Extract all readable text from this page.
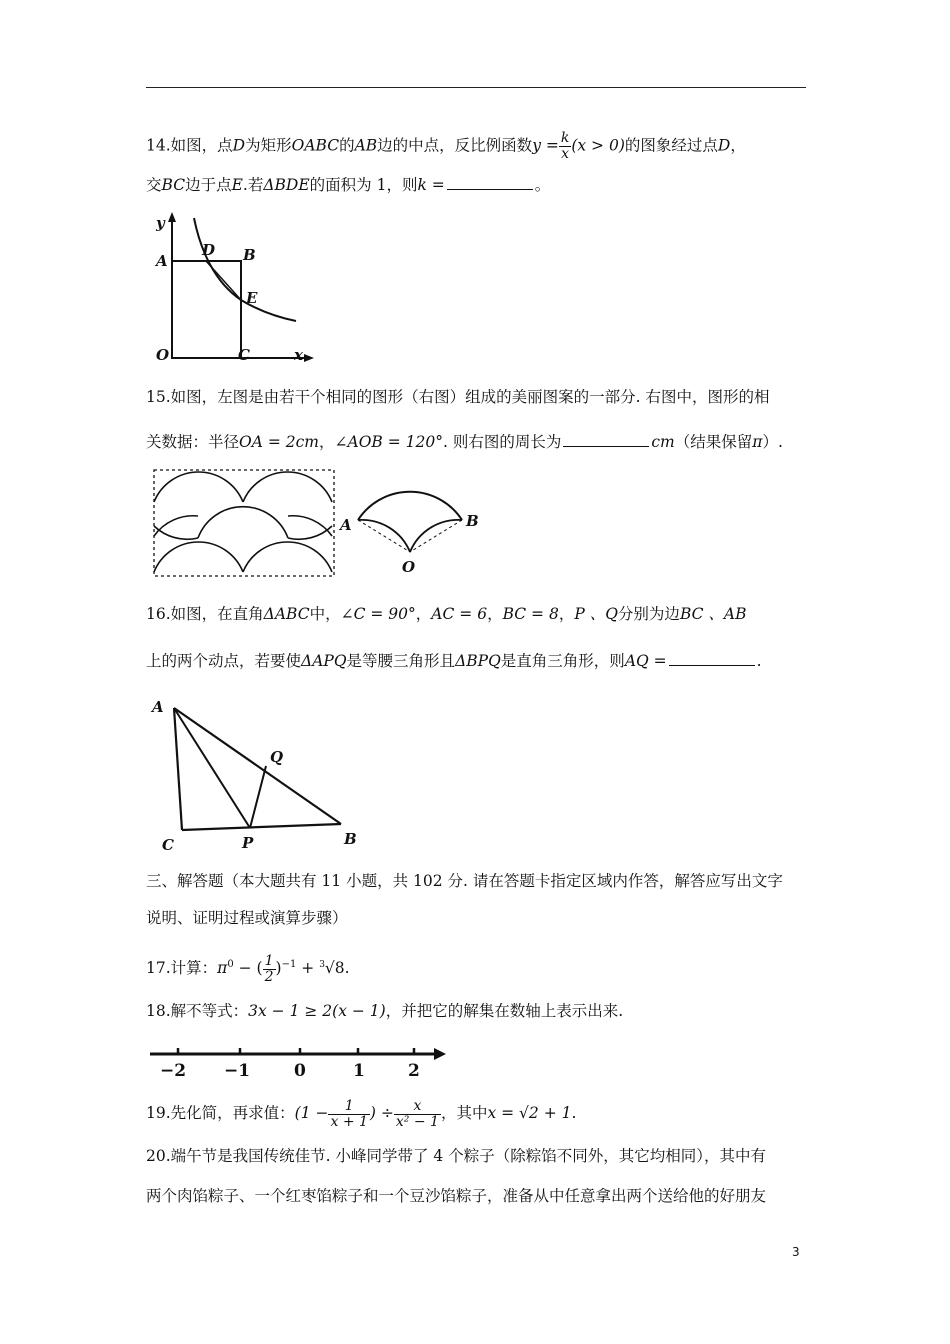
14.如图，点D为矩形OABC的AB边的中点，反比例函数$y = \frac{k}{x} (x > 0)$的图象经过点D，
交BC边于点E.若ΔBDE的面积为 1，则k =	。
y
A
D B
E
O	C	x
15.如图，左图是由若干个相同的图形（右图）组成的美丽图案的一部分. 右图中，图形的相
关数据：半径OA = 2cm，∠AOB = 120°. 则右图的周长为	cm（结果保留π）.
A	B
O
16.如图，在直角ΔABC中，∠C = 90°，AC = 6，BC = 8，P 、Q分别为边BC 、AB
上的两个动点，若要使ΔAPQ是等腰三角形且ΔBPQ是直角三角形，则AQ =	.
A
Q
C	P	B
三、解答题（本大题共有 11 小题，共 102 分. 请在答题卡指定区域内作答，解答应写出文字
说明、证明过程或演算步骤）
17.计算：$\pi^0$ − ( $\frac{1}{2} )^{-1} + ^3√8$.
18.解不等式：3x − 1 ≥ 2(x − 1)，并把它的解集在数轴上表示出来.
−2 −1	0	1	2
19.先化简，再求值：($1 - \frac{1}{x + 1}$ ) ÷ $\frac{x}{\text{x² − 1}}$ ，其中x = √2 + 1.
20.端午节是我国传统佳节. 小峰同学带了 4 个粽子（除粽馅不同外，其它均相同），其中有
两个肉馅粽子、一个红枣馅粽子和一个豆沙馅粽子，准备从中任意拿出两个送给他的好朋友
3
